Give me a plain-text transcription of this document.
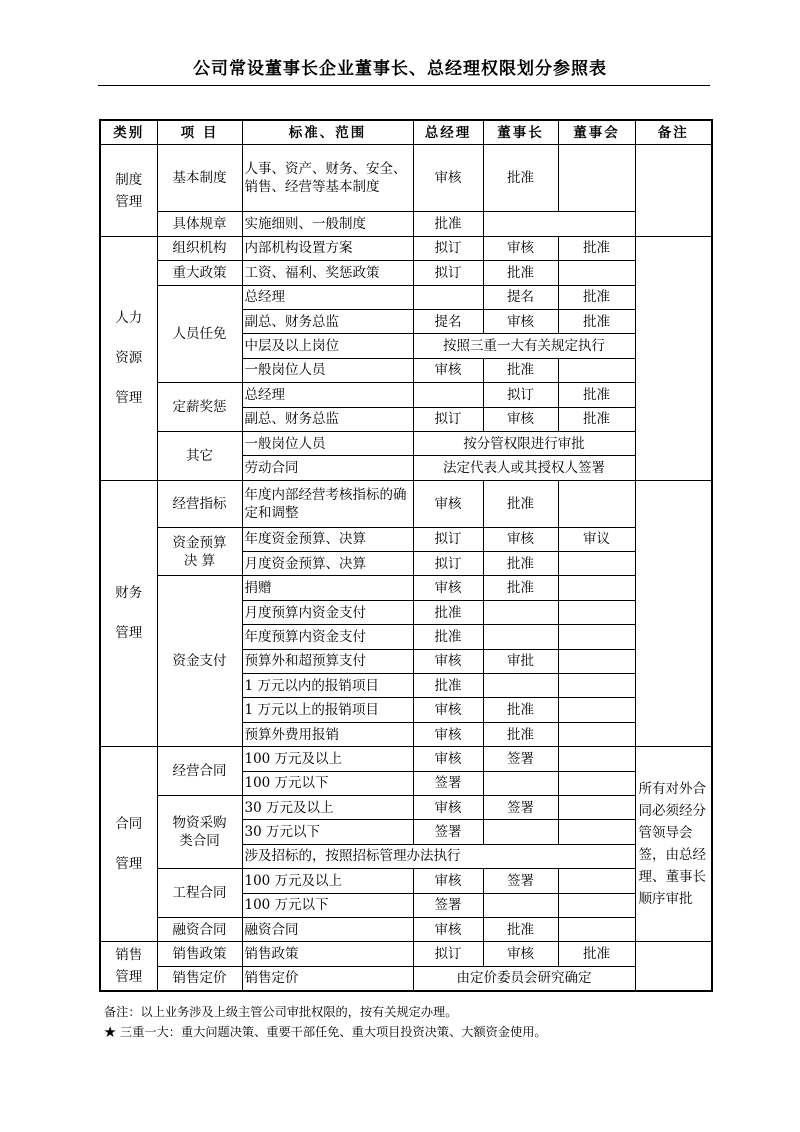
公司常设董事长企业董事长、总经理权限划分参照表
类别	项 目	标准、范围	总经理	董事长	董事会	备注

制度
管理	基本制度	人事、资产、财务、安全、销售、经营等基本制度	审核	批准		
	具体规章	实施细则、一般制度	批准			

人力
资源
管理	组织机构	内部机构设置方案	拟订	审核	批准	
	重大政策	工资、福利、奖惩政策	拟订	批准		
	人员任免	总经理		提名	批准	
		副总、财务总监	提名	审核	批准	
		中层及以上岗位	按照三重一大有关规定执行			
		一般岗位人员	审核	批准		
	定薪奖惩	总经理		拟订	批准	
		副总、财务总监	拟订	审核	批准	
	其它	一般岗位人员	按分管权限进行审批			
		劳动合同	法定代表人或其授权人签署			

财务
管理	经营指标	年度内部经营考核指标的确定和调整	审核	批准		
	资金预算决 算	年度资金预算、决算	拟订	审核	审议	
		月度资金预算、决算	拟订	批准		
	资金支付	捐赠	审核	批准		
		月度预算内资金支付	批准			
		年度预算内资金支付	批准			
		预算外和超预算支付	审核	审批		
		1 万元以内的报销项目	批准			
		1 万元以上的报销项目	审核	批准		
		预算外费用报销	审核	批准		

合同
管理	经营合同	100 万元及以上	审核	签署		所有对外合同必须经分管领导会签，由总经理、董事长顺序审批
		100 万元以下	签署			
	物资采购类合同	30 万元及以上	审核	签署		
		30 万元以下	签署			
		涉及招标的，按照招标管理办法执行				
	工程合同	100 万元及以上	审核	签署		
		100 万元以下	签署			
	融资合同	融资合同	审核	批准		

销售
管理	销售政策	销售政策	拟订	审核	批准	
	销售定价	销售定价	由定价委员会研究确定			
备注：以上业务涉及上级主管公司审批权限的，按有关规定办理。
★ 三重一大：重大问题决策、重要干部任免、重大项目投资决策、大额资金使用。
